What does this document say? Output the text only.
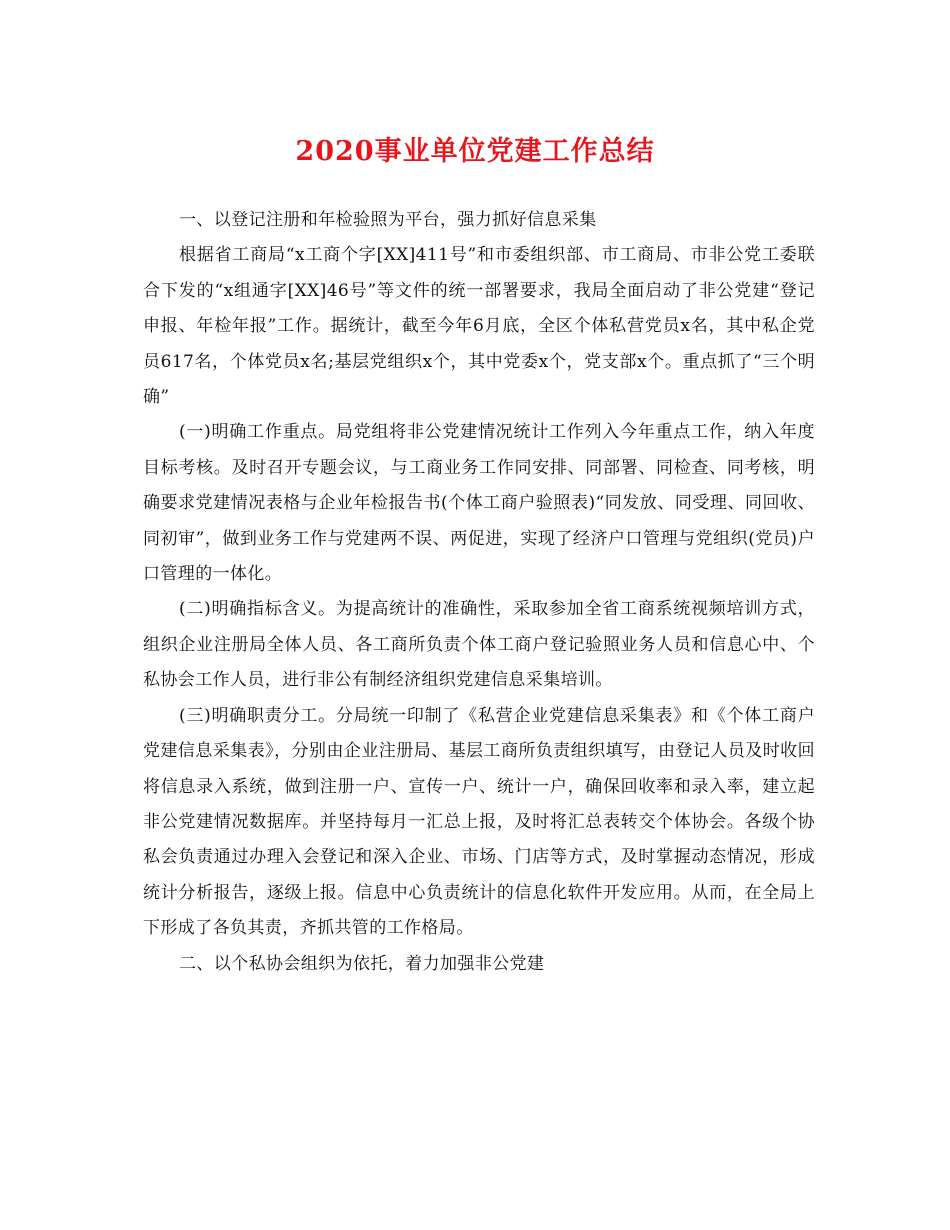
2020事业单位党建工作总结

一、以登记注册和年检验照为平台，强力抓好信息采集

根据省工商局“x工商个字[XX]411号”和市委组织部、市工商局、市非公党工委联合下发的“x组通字[XX]46号”等文件的统一部署要求，我局全面启动了非公党建“登记申报、年检年报”工作。据统计，截至今年6月底，全区个体私营党员x名，其中私企党员617名，个体党员x名;基层党组织x个，其中党委x个，党支部x个。重点抓了“三个明确”

(一)明确工作重点。局党组将非公党建情况统计工作列入今年重点工作，纳入年度目标考核。及时召开专题会议，与工商业务工作同安排、同部署、同检查、同考核，明确要求党建情况表格与企业年检报告书(个体工商户验照表)“同发放、同受理、同回收、同初审”，做到业务工作与党建两不误、两促进，实现了经济户口管理与党组织(党员)户口管理的一体化。

(二)明确指标含义。为提高统计的准确性，采取参加全省工商系统视频培训方式，组织企业注册局全体人员、各工商所负责个体工商户登记验照业务人员和信息心中、个私协会工作人员，进行非公有制经济组织党建信息采集培训。

(三)明确职责分工。分局统一印制了《私营企业党建信息采集表》和《个体工商户党建信息采集表》，分别由企业注册局、基层工商所负责组织填写，由登记人员及时收回将信息录入系统，做到注册一户、宣传一户、统计一户，确保回收率和录入率，建立起非公党建情况数据库。并坚持每月一汇总上报，及时将汇总表转交个体协会。各级个协私会负责通过办理入会登记和深入企业、市场、门店等方式，及时掌握动态情况，形成统计分析报告，逐级上报。信息中心负责统计的信息化软件开发应用。从而，在全局上下形成了各负其责，齐抓共管的工作格局。

二、以个私协会组织为依托，着力加强非公党建
